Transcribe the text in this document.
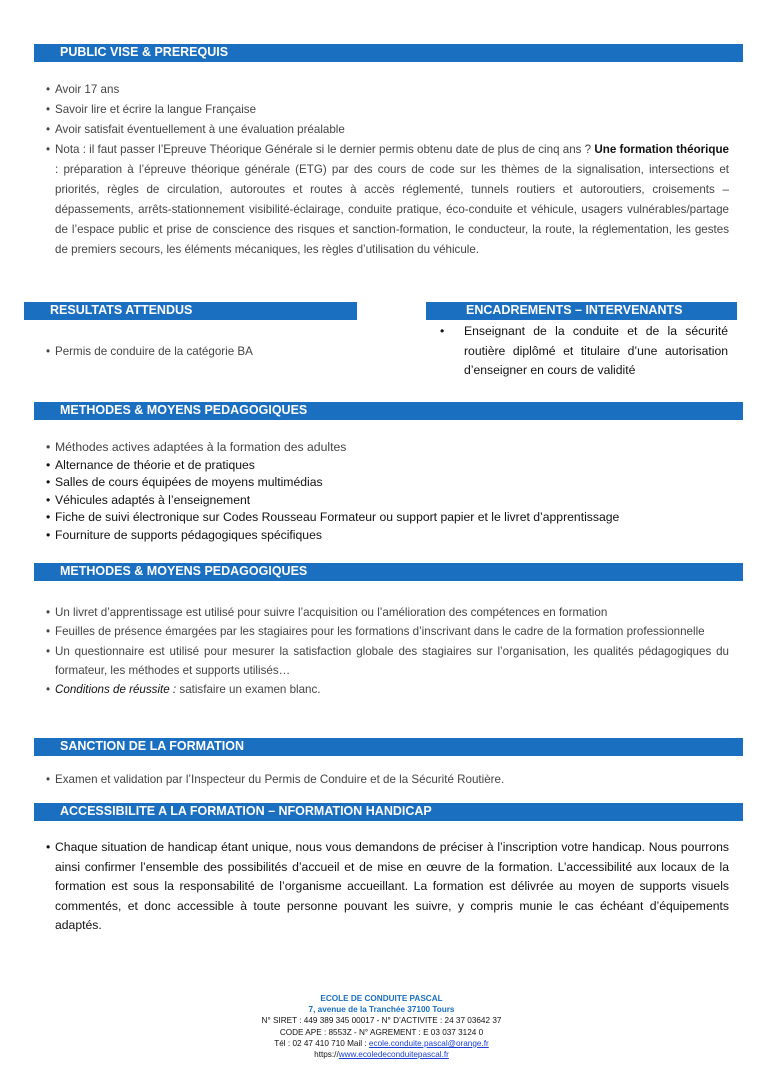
PUBLIC VISE & PREREQUIS
• Avoir 17 ans
• Savoir lire et écrire la langue Française
• Avoir satisfait éventuellement à une évaluation préalable
• Nota : il faut passer l’Epreuve Théorique Générale si le dernier permis obtenu date de plus de cinq ans ? Une formation théorique : préparation à l’épreuve théorique générale (ETG) par des cours de code sur les thèmes de la signalisation, intersections et priorités, règles de circulation, autoroutes et routes à accès réglementé, tunnels routiers et autoroutiers, croisements – dépassements, arrêts-stationnement visibilité-éclairage, conduite pratique, éco-conduite et véhicule, usagers vulnérables/partage de l’espace public et prise de conscience des risques et sanction-formation, le conducteur, la route, la réglementation, les gestes de premiers secours, les éléments mécaniques, les règles d’utilisation du véhicule.
RESULTATS ATTENDUS
• Permis de conduire de la catégorie BA
ENCADREMENTS – INTERVENANTS
• Enseignant de la conduite et de la sécurité routière diplômé et titulaire d’une autorisation d’enseigner en cours de validité
METHODES & MOYENS PEDAGOGIQUES
• Méthodes actives adaptées à la formation des adultes
• Alternance de théorie et de pratiques
• Salles de cours équipées de moyens multimédias
• Véhicules adaptés à l’enseignement
• Fiche de suivi électronique sur Codes Rousseau Formateur ou support papier et le livret d’apprentissage
• Fourniture de supports pédagogiques spécifiques
METHODES & MOYENS PEDAGOGIQUES
• Un livret d’apprentissage est utilisé pour suivre l’acquisition ou l’amélioration des compétences en formation
• Feuilles de présence émargées par les stagiaires pour les formations d’inscrivant dans le cadre de la formation professionnelle
• Un questionnaire est utilisé pour mesurer la satisfaction globale des stagiaires sur l’organisation, les qualités pédagogiques du formateur, les méthodes et supports utilisés…
• Conditions de réussite : satisfaire un examen blanc.
SANCTION DE LA FORMATION
• Examen et validation par l’Inspecteur du Permis de Conduire et de la Sécurité Routière.
ACCESSIBILITE A LA FORMATION – NFORMATION HANDICAP
• Chaque situation de handicap étant unique, nous vous demandons de préciser à l’inscription votre handicap. Nous pourrons ainsi confirmer l’ensemble des possibilités d’accueil et de mise en œuvre de la formation. L’accessibilité aux locaux de la formation est sous la responsabilité de l’organisme accueillant. La formation est délivrée au moyen de supports visuels commentés, et donc accessible à toute personne pouvant les suivre, y compris munie le cas échéant d’équipements adaptés.
ECOLE DE CONDUITE PASCAL
7, avenue de la Tranchée 37100 Tours
N° SIRET : 449 389 345 00017 - N° D’ACTIVITE : 24 37 03642 37
CODE APE : 8553Z - N° AGREMENT : E 03 037 3124 0
Tél : 02 47 410 710 Mail : ecole.conduite.pascal@orange.fr
https://www.ecoledeconduitepascal.fr
